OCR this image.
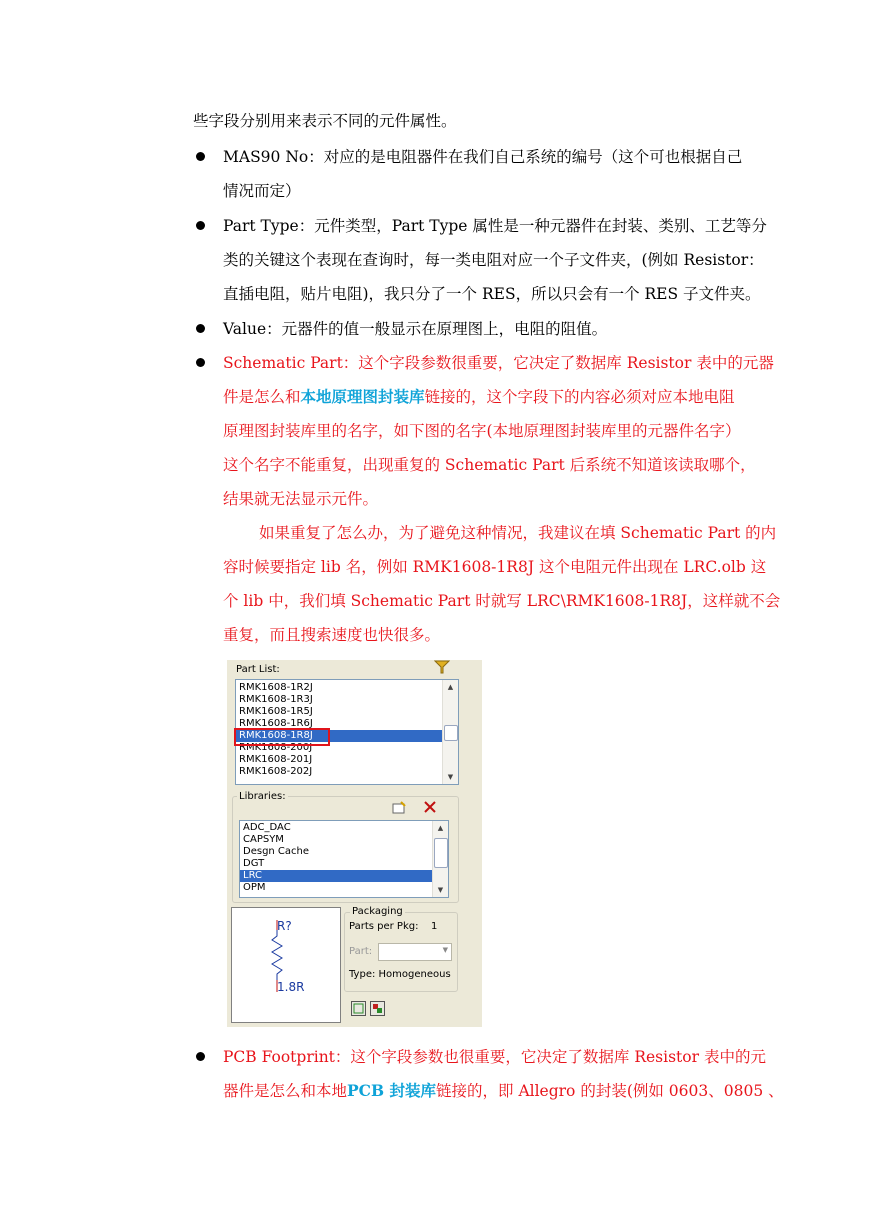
些字段分别用来表示不同的元件属性。
MAS90 No：对应的是电阻器件在我们自己系统的编号（这个可也根据自己
情况而定）
Part Type：元件类型，Part Type 属性是一种元器件在封装、类别、工艺等分
类的关键这个表现在查询时，每一类电阻对应一个子文件夹，(例如 Resistor：
直插电阻，贴片电阻)，我只分了一个 RES，所以只会有一个 RES 子文件夹。
Value：元器件的值一般显示在原理图上，电阻的阻值。
Schematic Part：这个字段参数很重要，它决定了数据库 Resistor 表中的元器
件是怎么和本地原理图封装库链接的，这个字段下的内容必须对应本地电阻
原理图封装库里的名字，如下图的名字(本地原理图封装库里的元器件名字）
这个名字不能重复，出现重复的 Schematic Part 后系统不知道该读取哪个，
结果就无法显示元件。
如果重复了怎么办，为了避免这种情况，我建议在填 Schematic Part 的内
容时候要指定 lib 名，例如 RMK1608-1R8J 这个电阻元件出现在 LRC.olb 这
个 lib 中，我们填 Schematic Part 时就写 LRC\RMK1608-1R8J，这样就不会
重复，而且搜索速度也快很多。
Part List:
RMK1608-1R2J
RMK1608-1R3J
RMK1608-1R5J
RMK1608-1R6J
RMK1608-1R8J
RMK1608-200J
RMK1608-201J
RMK1608-202J
▲
▼
Libraries:
ADC_DAC
CAPSYM
Desgn Cache
DGT
LRC
OPM
▲
▼
R?
1.8R
Packaging
Parts per Pkg: 1
Part:	▼
Type: Homogeneous
PCB Footprint：这个字段参数也很重要，它决定了数据库 Resistor 表中的元
器件是怎么和本地PCB 封装库链接的，即 Allegro 的封装(例如 0603、0805 、
